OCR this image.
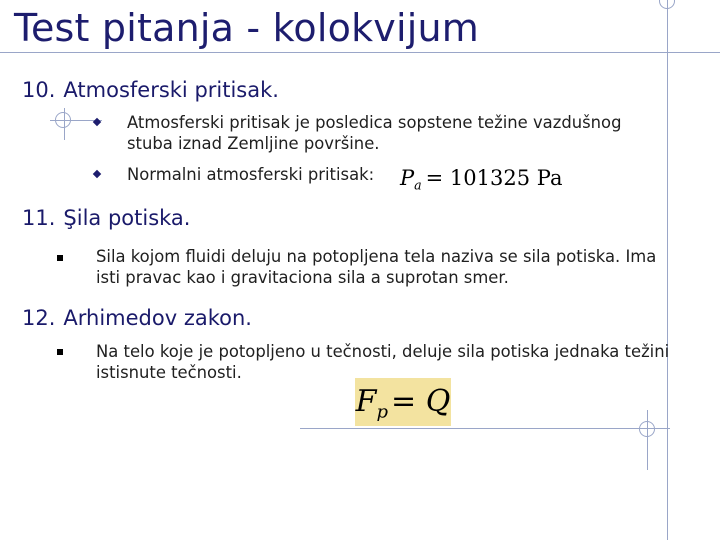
Test pitanja - kolokvijum
10. Atmosferski pritisak.
Atmosferski pritisak je posledica sopstene težine vazdušnog stuba iznad Zemljine površine.
Normalni atmosferski pritisak: $P_a = 101325$ Pa
11. Şila potiska.
Sila kojom fluidi deluju na potopljena tela naziva se sila potiska. Ima isti pravac kao i gravitaciona sila a suprotan smer.
12. Arhimedov zakon.
Na telo koje je potopljeno u tečnosti, deluje sila potiska jednaka težini istisnute tečnosti.
$F_p = Q$
